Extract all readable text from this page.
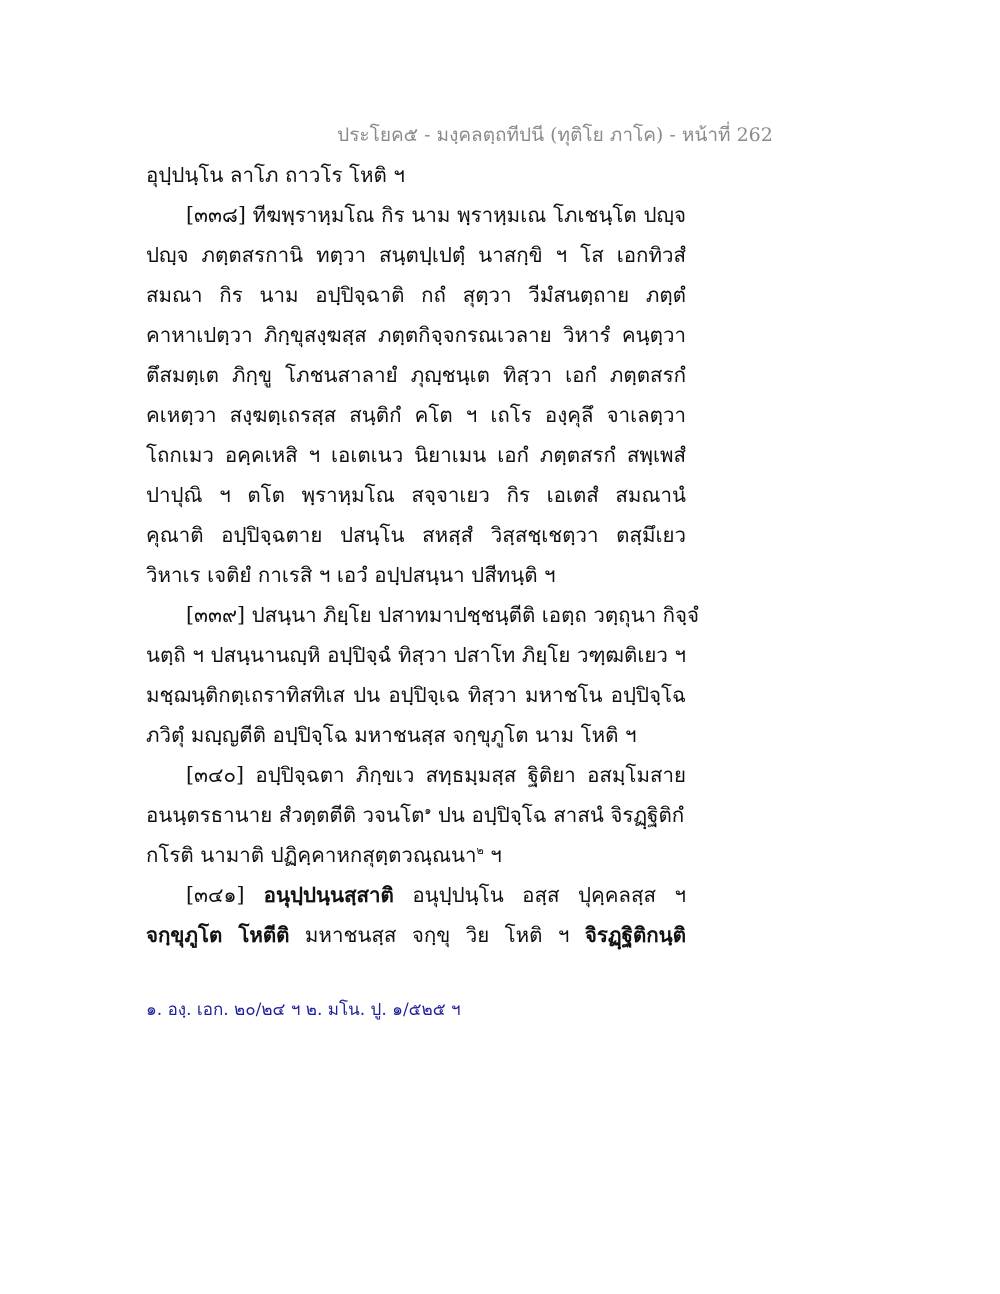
ประโยค๕ - มงฺคลตฺถทีปนี (ทุติโย ภาโค) - หน้าที่ 262
อุปฺปนฺโน ลาโภ ถาวโร โหติ ฯ
[๓๓๘] ทีฆพฺราหฺมโณ กิร นาม พฺราหฺมเณ โภเชนฺโต ปญฺจ
ปญฺจ ภตฺตสรกานิ ทตฺวา สนฺตปฺเปตฺํ นาสกฺขิ ฯ โส เอกทิวสํ
สมณา กิร นาม อปฺปิจฺฉาติ กถํ สุตฺวา วีมํสนตฺถาย ภตฺตํ
คาหาเปตฺวา ภิกฺขุสงฺฆสฺส ภตฺตกิจฺจกรณเวลาย วิหารํ คนฺตฺวา
ตึสมตฺเต ภิกฺขู โภชนสาลายํ ภุญฺชนฺเต ทิสฺวา เอกํ ภตฺตสรกํ
คเหตฺวา สงฺฆตฺเถรสฺส สนฺติกํ คโต ฯ เถโร องฺคุลึ จาเลตฺวา
โถกเมว อคฺคเหสิ ฯ เอเตเนว นิยาเมน เอกํ ภตฺตสรกํ สพฺเพสํ
ปาปุณิ ฯ ตโต พฺราหฺมโณ สจฺจาเยว กิร เอเตสํ สมณานํ
คุณาติ อปฺปิจฺฉตาย ปสนฺโน สหสฺสํ วิสฺสชฺเชตฺวา ตสฺมึเยว
วิหาเร เจติยํ กาเรสิ ฯ เอวํ อปฺปสนฺนา ปสีทนฺติ ฯ
[๓๓๙] ปสนฺนา ภิยฺโย ปสาทมาปชฺชนฺตีติ เอตฺถ วตฺถุนา กิจฺจํ
นตฺถิ ฯ ปสนฺนานญฺหิ อปฺปิจฺฉํ ทิสฺวา ปสาโท ภิยฺโย วฑฺฒติเยว ฯ
มชฺฌนฺติกตฺเถราทิสทิเส ปน อปฺปิจฺเฉ ทิสฺวา มหาชโน อปฺปิจฺโฉ
ภวิตุํ มญฺญตีติ อปฺปิจฺโฉ มหาชนสฺส จกฺขุภูโต นาม โหติ ฯ
[๓๔๐] อปฺปิจฺฉตา ภิกฺขเว สทฺธมฺมสฺส ฐิติยา อสมฺโมสาย
อนนฺตรธานาย สํวตฺตตีติ วจนโต$^๑$ ปน อปฺปิจฺโฉ สาสนํ จิรฏฺฐิติกํ
กโรติ นามาติ ปฏิคฺคาหกสุตฺตวณฺณนา$^๒$ ฯ
[๓๔๑] อนุปฺปนฺนสฺสาติ อนุปฺปนฺโน อสฺส ปุคฺคลสฺส ฯ
จกฺขุภูโต โหตีติ มหาชนสฺส จกฺขุ วิย โหติ ฯ จิรฏฺฐิติกนฺติ
๑. องฺ. เอก. ๒๐/๒๔ ฯ ๒. มโน. ปู. ๑/๕๒๕ ฯ
